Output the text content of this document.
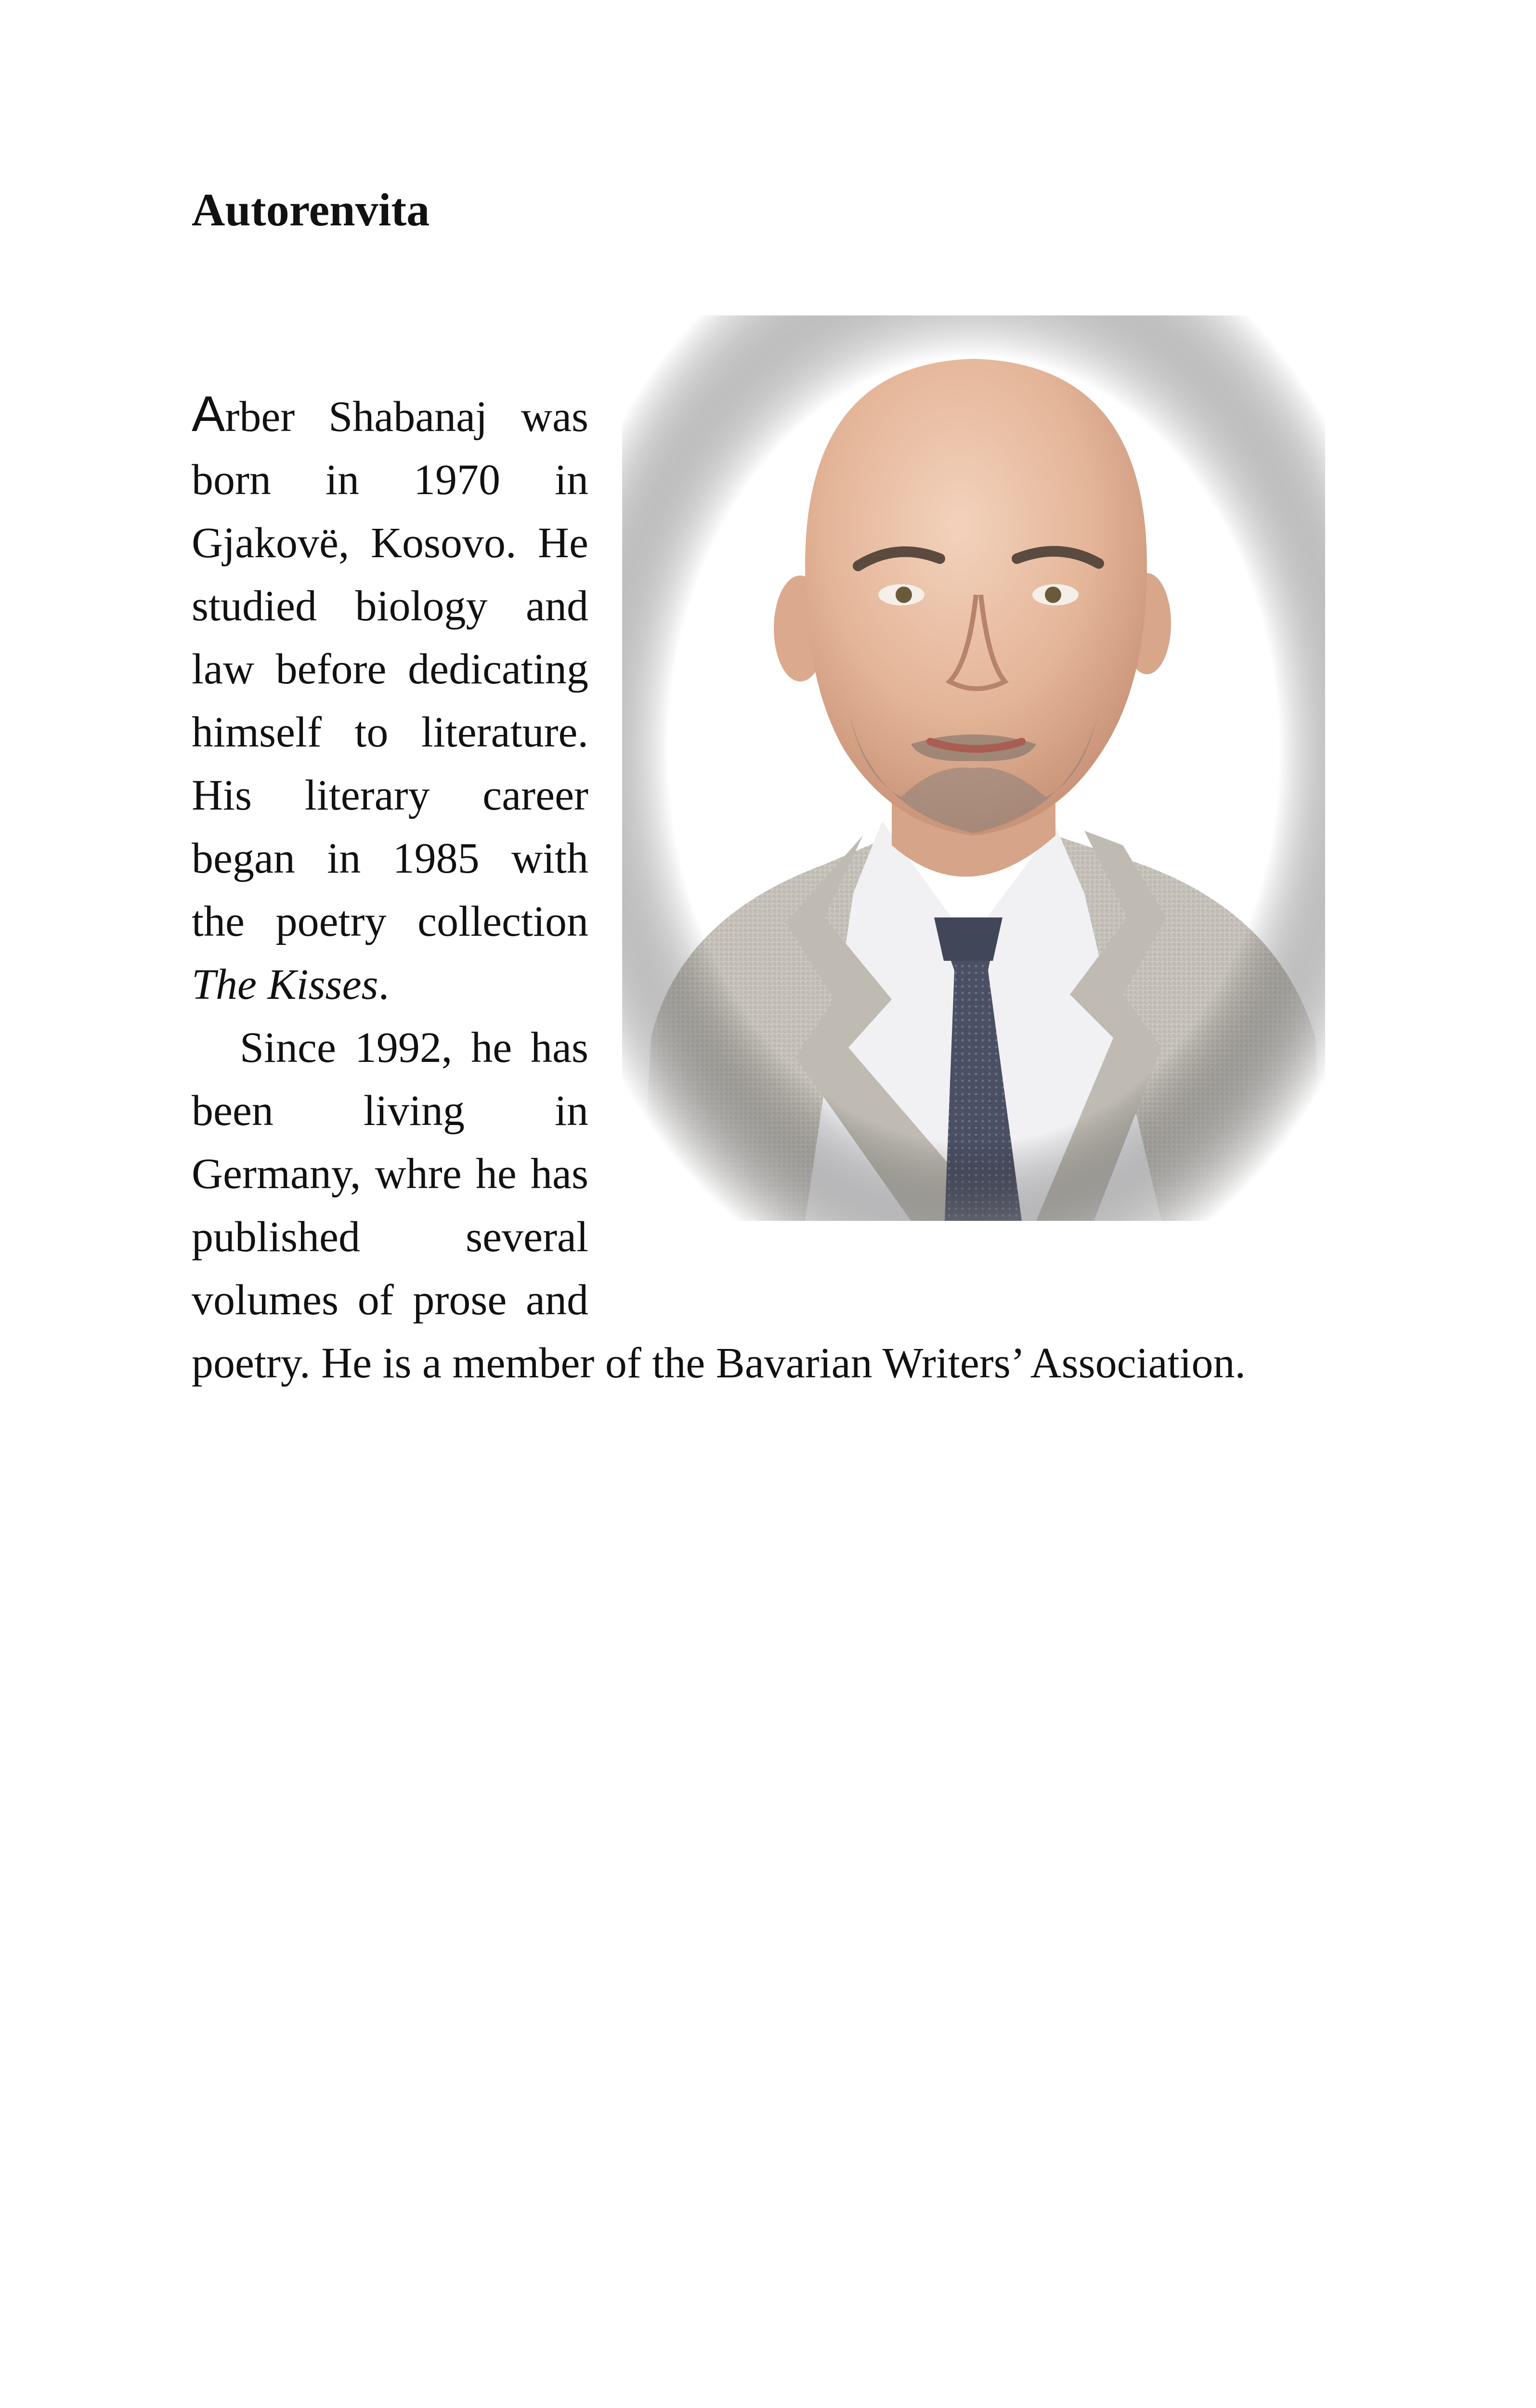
Autorenvita

Arber Shabanaj was born in 1970 in Gjakovë, Kosovo. He studied biology and law before dedicating himself to literature. His literary career began in 1985 with the poetry collection The Kisses.

Since 1992, he has been living in Germany, whre he has published several volumes of prose and poetry. He is a member of the Bavarian Writers’ Association.
